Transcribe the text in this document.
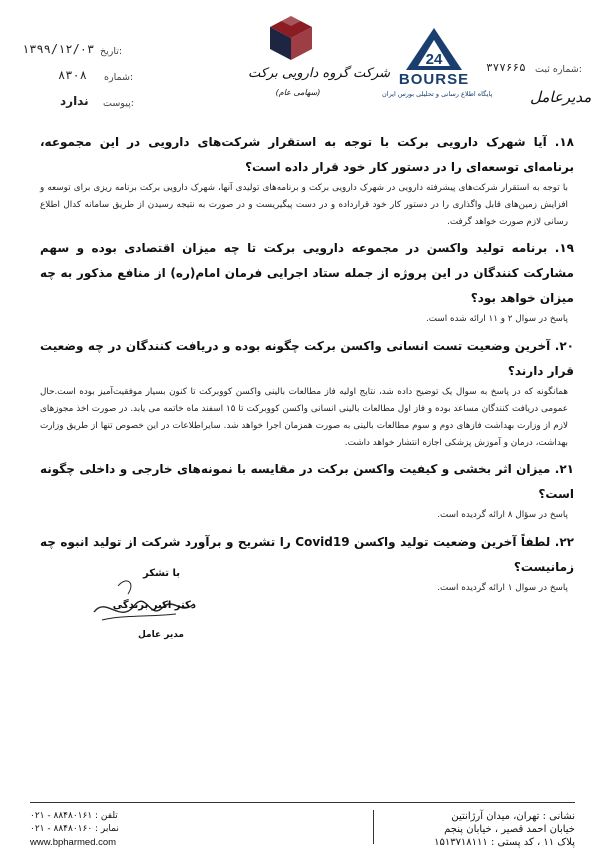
تاریخ:
۱۳۹۹/۱۲/۰۳
شماره:
۸۳۰۸
پیوست:
ندارد
شرکت گروه دارویی برکت
(سهامی عام)
24
BOURSE
پایگاه اطلاع رسانی و تحلیلی بورس ایران
شماره ثبت:
۳۷۷۶۶۵
مدیرعامل

۱۸. آیا شهرک دارویی برکت با توجه به استقرار شرکت‌های دارویی در این مجموعه، برنامه‌ای توسعه‌ای را در دستور کار خود قرار داده است؟

با توجه به استقرار شرکت‌های پیشرفته دارویی در شهرک دارویی برکت و برنامه‌های تولیدی آنها، شهرک دارویی برکت برنامه ریزی برای توسعه و افزایش زمین‌های قابل واگذاری را در دستور کار خود قرارداده و در دست پیگیریست و در صورت به نتیجه رسیدن از طریق سامانه کدال اطلاع رسانی لازم صورت خواهد گرفت.

۱۹. برنامه تولید واکسن در مجموعه دارویی برکت تا چه میزان اقتصادی بوده و سهم مشارکت کنندگان در این پروژه از جمله ستاد اجرایی فرمان امام(ره) از منافع مذکور به چه میزان خواهد بود؟

پاسخ در سوال ۲ و ۱۱ ارائه شده است.

۲۰. آخرین وضعیت تست انسانی واکسن برکت چگونه بوده و دریافت کنندگان در چه وضعیت قرار دارند؟

همانگونه که در پاسخ به سوال یک توضیح داده شد، نتایج اولیه فاز مطالعات بالینی واکسن کووبرکت تا کنون بسیار موفقیت‌آمیز بوده است.حال عمومی دریافت کنندگان مساعد بوده و فاز اول مطالعات بالینی انسانی واکسن کووبرکت تا ۱۵ اسفند ماه خاتمه می یابد. در صورت اخذ مجوزهای لازم از وزارت بهداشت فازهای دوم و سوم مطالعات بالینی به صورت همزمان اجرا خواهد شد. سایراطلاعات در این خصوص تنها از طریق وزارت بهداشت، درمان و آموزش پزشکی اجازه انتشار خواهد داشت.

۲۱. میزان اثر بخشی و کیفیت واکسن برکت در مقایسه با نمونه‌های خارجی و داخلی چگونه است؟

پاسخ در سؤال ۸ ارائه گردیده است.

۲۲. لطفاً آخرین وضعیت تولید واکسن Covid19 را تشریح و برآورد شرکت از تولید انبوه چه زمانیست؟

پاسخ در سوال ۱ ارائه گردیده است.

با تشکر
دکتر اکبر برندگی
مدیر عامل
نشانی : تهران، میدان آرژانتین
خیابان احمد قصیر ، خیابان پنجم
پلاک ۱۱ ، کد پستی : ۱۵۱۳۷۱۸۱۱۱
تلفن : ۸۸۴۸۰۱۶۱ - ۰۲۱
نمابر : ۸۸۴۸۰۱۶۰ - ۰۲۱
www.bpharmed.com
